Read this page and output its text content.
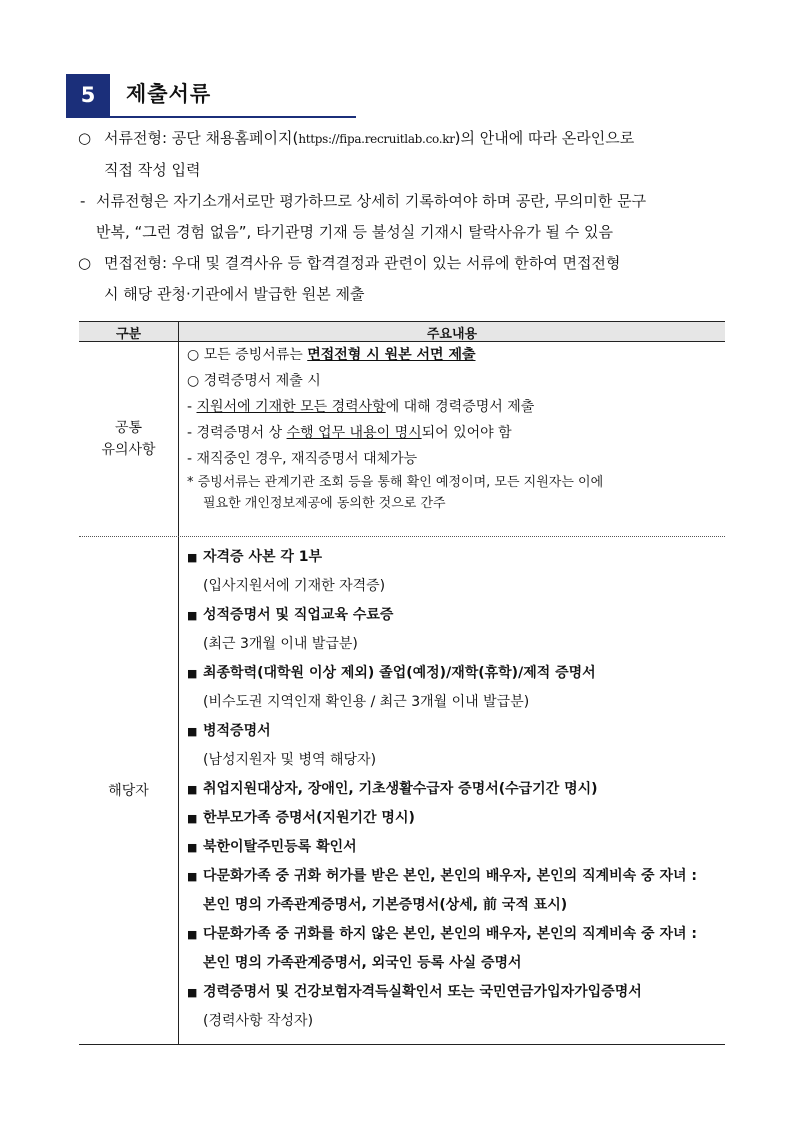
5	제출서류
○ 서류전형: 공단 채용홈페이지(https://fipa.recruitlab.co.kr)의 안내에 따라 온라인으로
직접 작성 입력
- 서류전형은 자기소개서로만 평가하므로 상세히 기록하여야 하며 공란, 무의미한 문구
반복, “그런 경험 없음”, 타기관명 기재 등 불성실 기재시 탈락사유가 될 수 있음
○ 면접전형: 우대 및 결격사유 등 합격결정과 관련이 있는 서류에 한하여 면접전형
시 해당 관청·기관에서 발급한 원본 제출
구분	주요내용
공통
유의사항
○ 모든 증빙서류는 면접전형 시 원본 서면 제출
○ 경력증명서 제출 시
- 지원서에 기재한 모든 경력사항에 대해 경력증명서 제출
- 경력증명서 상 수행 업무 내용이 명시되어 있어야 함
- 재직중인 경우, 재직증명서 대체가능
* 증빙서류는 관계기관 조회 등을 통해 확인 예정이며, 모든 지원자는 이에
필요한 개인정보제공에 동의한 것으로 간주
해당자
■ 자격증 사본 각 1부
(입사지원서에 기재한 자격증)
■ 성적증명서 및 직업교육 수료증
(최근 3개월 이내 발급분)
■ 최종학력(대학원 이상 제외) 졸업(예정)/재학(휴학)/제적 증명서
(비수도권 지역인재 확인용 / 최근 3개월 이내 발급분)
■ 병적증명서
(남성지원자 및 병역 해당자)
■ 취업지원대상자, 장애인, 기초생활수급자 증명서(수급기간 명시)
■ 한부모가족 증명서(지원기간 명시)
■ 북한이탈주민등록 확인서
■ 다문화가족 중 귀화 허가를 받은 본인, 본인의 배우자, 본인의 직계비속 중 자녀 :
본인 명의 가족관계증명서, 기본증명서(상세, 前 국적 표시)
■ 다문화가족 중 귀화를 하지 않은 본인, 본인의 배우자, 본인의 직계비속 중 자녀 :
본인 명의 가족관계증명서, 외국인 등록 사실 증명서
■ 경력증명서 및 건강보험자격득실확인서 또는 국민연금가입자가입증명서
(경력사항 작성자)
